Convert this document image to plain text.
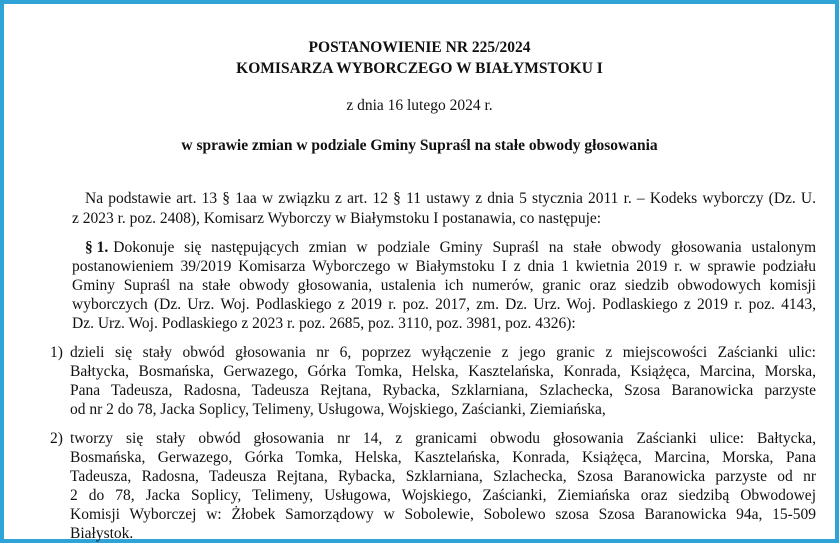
POSTANOWIENIE NR 225/2024
KOMISARZA WYBORCZEGO W BIAŁYMSTOKU I
z dnia 16 lutego 2024 r.
w sprawie zmian w podziale Gminy Supraśl na stałe obwody głosowania
Na podstawie art. 13 § 1aa w związku z art. 12 § 11 ustawy z dnia 5 stycznia 2011 r. – Kodeks wyborczy (Dz. U.
z 2023 r. poz. 2408), Komisarz Wyborczy w Białymstoku I postanawia, co następuje:
§ 1. Dokonuje się następujących zmian w podziale Gminy Supraśl na stałe obwody głosowania ustalonym
postanowieniem 39/2019 Komisarza Wyborczego w Białymstoku I z dnia 1 kwietnia 2019 r. w sprawie podziału
Gminy Supraśl na stałe obwody głosowania, ustalenia ich numerów, granic oraz siedzib obwodowych komisji
wyborczych (Dz. Urz. Woj. Podlaskiego z 2019 r. poz. 2017, zm. Dz. Urz. Woj. Podlaskiego z 2019 r. poz. 4143,
Dz. Urz. Woj. Podlaskiego z 2023 r. poz. 2685, poz. 3110, poz. 3981, poz. 4326):
1) dzieli się stały obwód głosowania nr 6, poprzez wyłączenie z jego granic z miejscowości Zaścianki ulic:
Bałtycka, Bosmańska, Gerwazego, Górka Tomka, Helska, Kasztelańska, Konrada, Książęca, Marcina, Morska,
Pana Tadeusza, Radosna, Tadeusza Rejtana, Rybacka, Szklarniana, Szlachecka, Szosa Baranowicka parzyste
od nr 2 do 78, Jacka Soplicy, Telimeny, Usługowa, Wojskiego, Zaścianki, Ziemiańska,
2) tworzy się stały obwód głosowania nr 14, z granicami obwodu głosowania Zaścianki ulice: Bałtycka,
Bosmańska, Gerwazego, Górka Tomka, Helska, Kasztelańska, Konrada, Książęca, Marcina, Morska, Pana
Tadeusza, Radosna, Tadeusza Rejtana, Rybacka, Szklarniana, Szlachecka, Szosa Baranowicka parzyste od nr
2 do 78, Jacka Soplicy, Telimeny, Usługowa, Wojskiego, Zaścianki, Ziemiańska oraz siedzibą Obwodowej
Komisji Wyborczej w: Żłobek Samorządowy w Sobolewie, Sobolewo szosa Szosa Baranowicka 94a, 15-509
Białystok.
